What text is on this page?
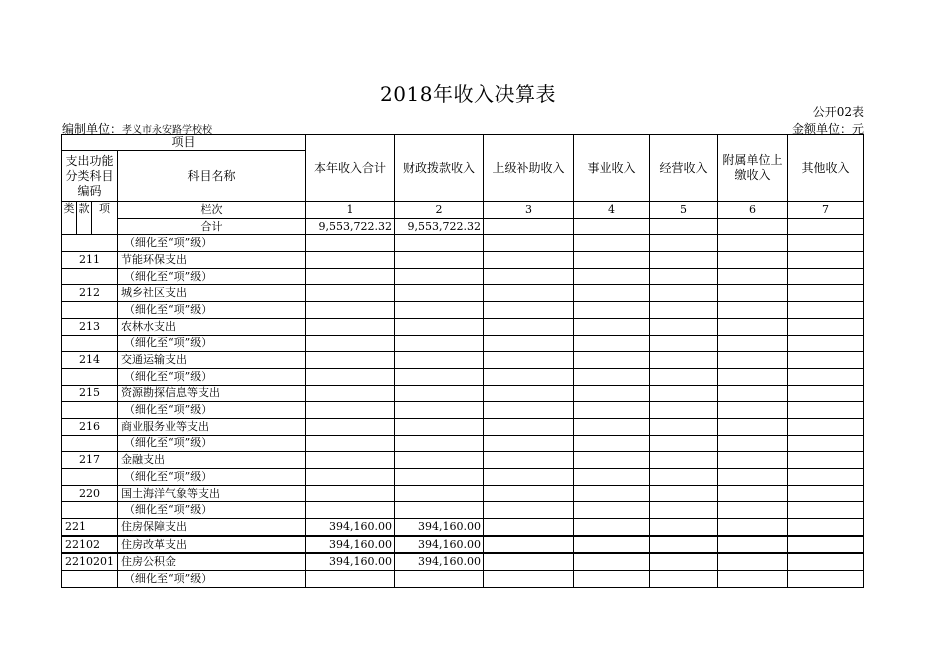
2018年收入决算表
公开02表
编制单位：孝义市永安路学校校	金额单位：元
项目				本年收入合计	财政拨款收入	上级补助收入	事业收入	经营收入	附属单位上缴收入	其他收入
支出功能分类科目编码			科目名称							
类	款	项	栏次	1	2	3	4	5	6	7
			合计	9,553,722.32	9,553,722.32					
			（细化至“项”级）							
211			节能环保支出							
			（细化至“项”级）							
212			城乡社区支出							
			（细化至“项”级）							
213			农林水支出							
			（细化至“项”级）							
214			交通运输支出							
			（细化至“项”级）							
215			资源勘探信息等支出							
			（细化至“项”级）							
216			商业服务业等支出							
			（细化至“项”级）							
217			金融支出							
			（细化至“项”级）							
220			国土海洋气象等支出							
			（细化至“项”级）							
221			住房保障支出	394,160.00	394,160.00					
22102			住房改革支出	394,160.00	394,160.00					
2210201			住房公积金	394,160.00	394,160.00					
			（细化至“项”级）							
